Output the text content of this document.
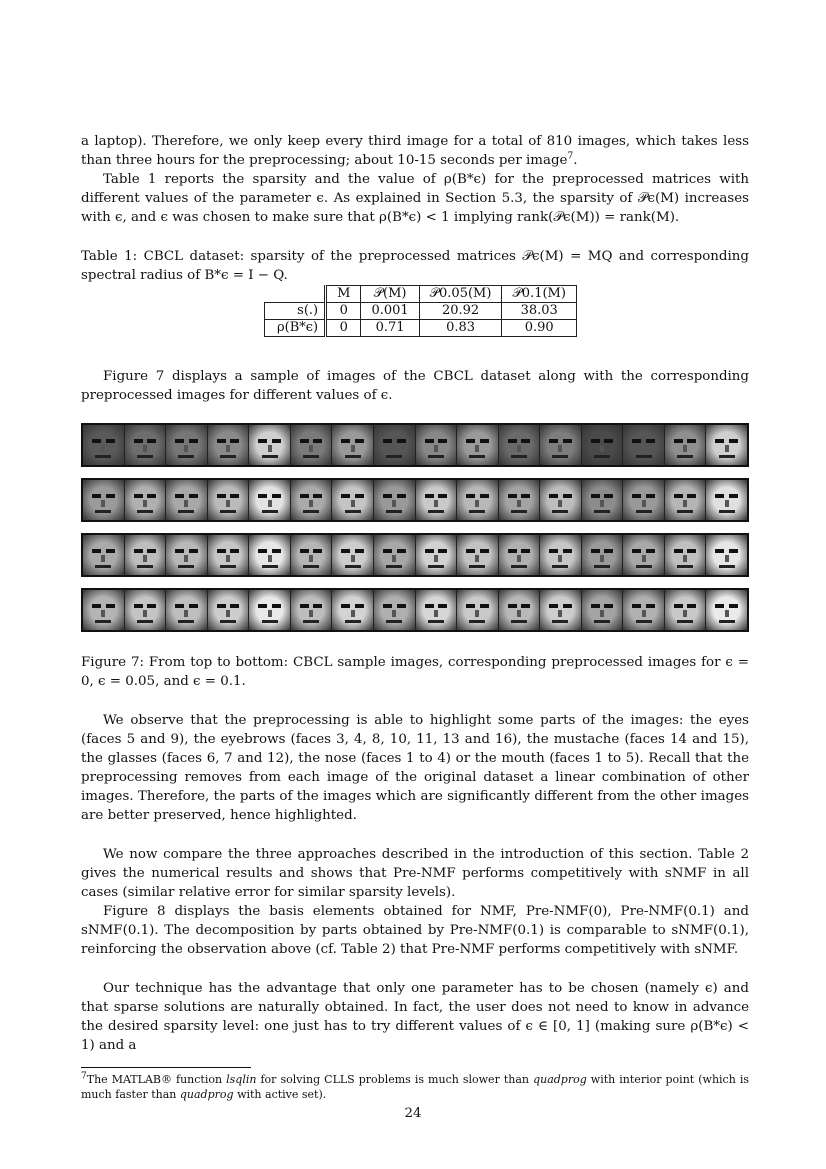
a laptop). Therefore, we only keep every third image for a total of 810 images, which takes less than three hours for the preprocessing; about 10-15 seconds per image$^7$.

Table 1 reports the sparsity and the value of ρ(B*ϵ) for the preprocessed matrices with different values of the parameter ϵ. As explained in Section 5.3, the sparsity of 𝒫ϵ(M) increases with ϵ, and ϵ was chosen to make sure that ρ(B*ϵ) < 1 implying rank(𝒫ϵ(M)) = rank(M).

Table 1: CBCL dataset: sparsity of the preprocessed matrices 𝒫ϵ(M) = MQ and corresponding spectral radius of B*ϵ = I − Q.

	M	𝒫(M)	𝒫0.05(M)	𝒫0.1(M)
s(.)	0	0.001	20.92	38.03
ρ(B*ϵ)	0	0.71	0.83	0.90

Figure 7 displays a sample of images of the CBCL dataset along with the corresponding preprocessed images for different values of ϵ.

Figure 7: From top to bottom: CBCL sample images, corresponding preprocessed images for ϵ = 0, ϵ = 0.05, and ϵ = 0.1.

We observe that the preprocessing is able to highlight some parts of the images: the eyes (faces 5 and 9), the eyebrows (faces 3, 4, 8, 10, 11, 13 and 16), the mustache (faces 14 and 15), the glasses (faces 6, 7 and 12), the nose (faces 1 to 4) or the mouth (faces 1 to 5). Recall that the preprocessing removes from each image of the original dataset a linear combination of other images. Therefore, the parts of the images which are significantly different from the other images are better preserved, hence highlighted.

We now compare the three approaches described in the introduction of this section. Table 2 gives the numerical results and shows that Pre-NMF performs competitively with sNMF in all cases (similar relative error for similar sparsity levels).

Figure 8 displays the basis elements obtained for NMF, Pre-NMF(0), Pre-NMF(0.1) and sNMF(0.1). The decomposition by parts obtained by Pre-NMF(0.1) is comparable to sNMF(0.1), reinforcing the observation above (cf. Table 2) that Pre-NMF performs competitively with sNMF.

Our technique has the advantage that only one parameter has to be chosen (namely ϵ) and that sparse solutions are naturally obtained. In fact, the user does not need to know in advance the desired sparsity level: one just has to try different values of ϵ ∈ [0, 1] (making sure ρ(B*ϵ) < 1) and a

$^7$The MATLAB® function lsqlin for solving CLLS problems is much slower than quadprog with interior point (which is much faster than quadprog with active set).

24
